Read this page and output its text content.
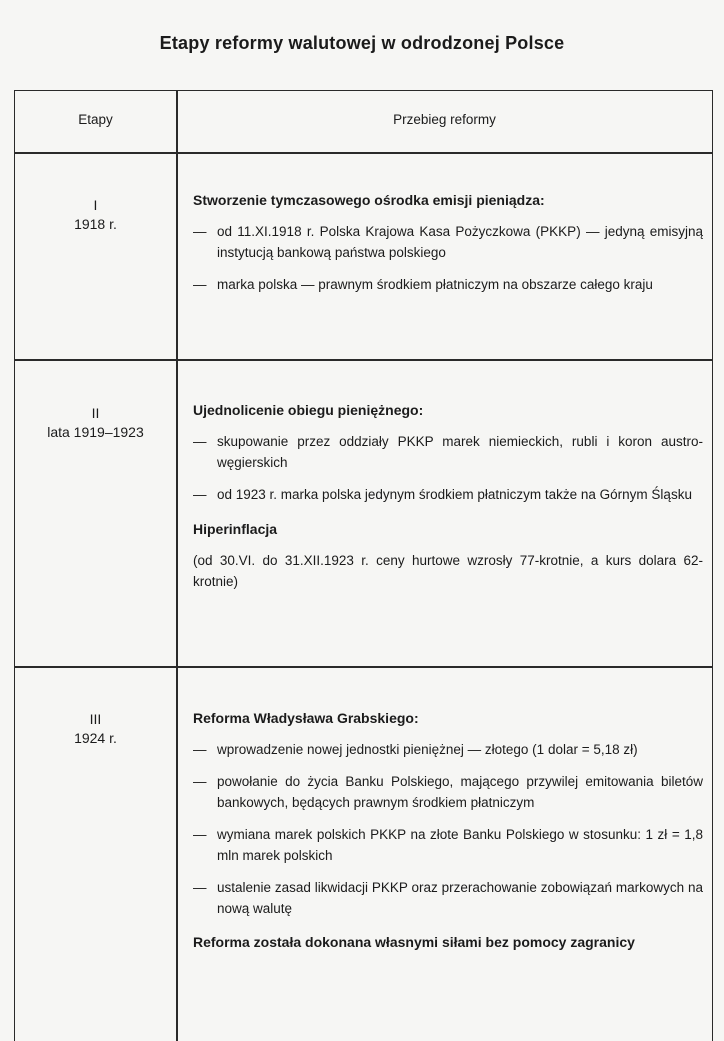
Etapy reformy walutowej w odrodzonej Polsce
Etapy	Przebieg reformy
I
1918 r.
Stworzenie tymczasowego ośrodka emisji pieniądza:
— od 11.XI.1918 r. Polska Krajowa Kasa Pożyczkowa (PKKP) — jedyną emisyjną instytucją bankową państwa polskiego
— marka polska — prawnym środkiem płatniczym na obszarze całego kraju
II
lata 1919–1923
Ujednolicenie obiegu pieniężnego:
— skupowanie przez oddziały PKKP marek niemieckich, rubli i koron austro-węgierskich
— od 1923 r. marka polska jedynym środkiem płatniczym także na Górnym Śląsku
Hiperinflacja
(od 30.VI. do 31.XII.1923 r. ceny hurtowe wzrosły 77-krotnie, a kurs dolara 62-krotnie)
III
1924 r.
Reforma Władysława Grabskiego:
— wprowadzenie nowej jednostki pieniężnej — złotego (1 dolar = 5,18 zł)
— powołanie do życia Banku Polskiego, mającego przywilej emitowania biletów bankowych, będących prawnym środkiem płatniczym
— wymiana marek polskich PKKP na złote Banku Polskiego w stosunku: 1 zł = 1,8 mln marek polskich
— ustalenie zasad likwidacji PKKP oraz przerachowanie zobowiązań markowych na nową walutę
Reforma została dokonana własnymi siłami bez pomocy zagranicy
